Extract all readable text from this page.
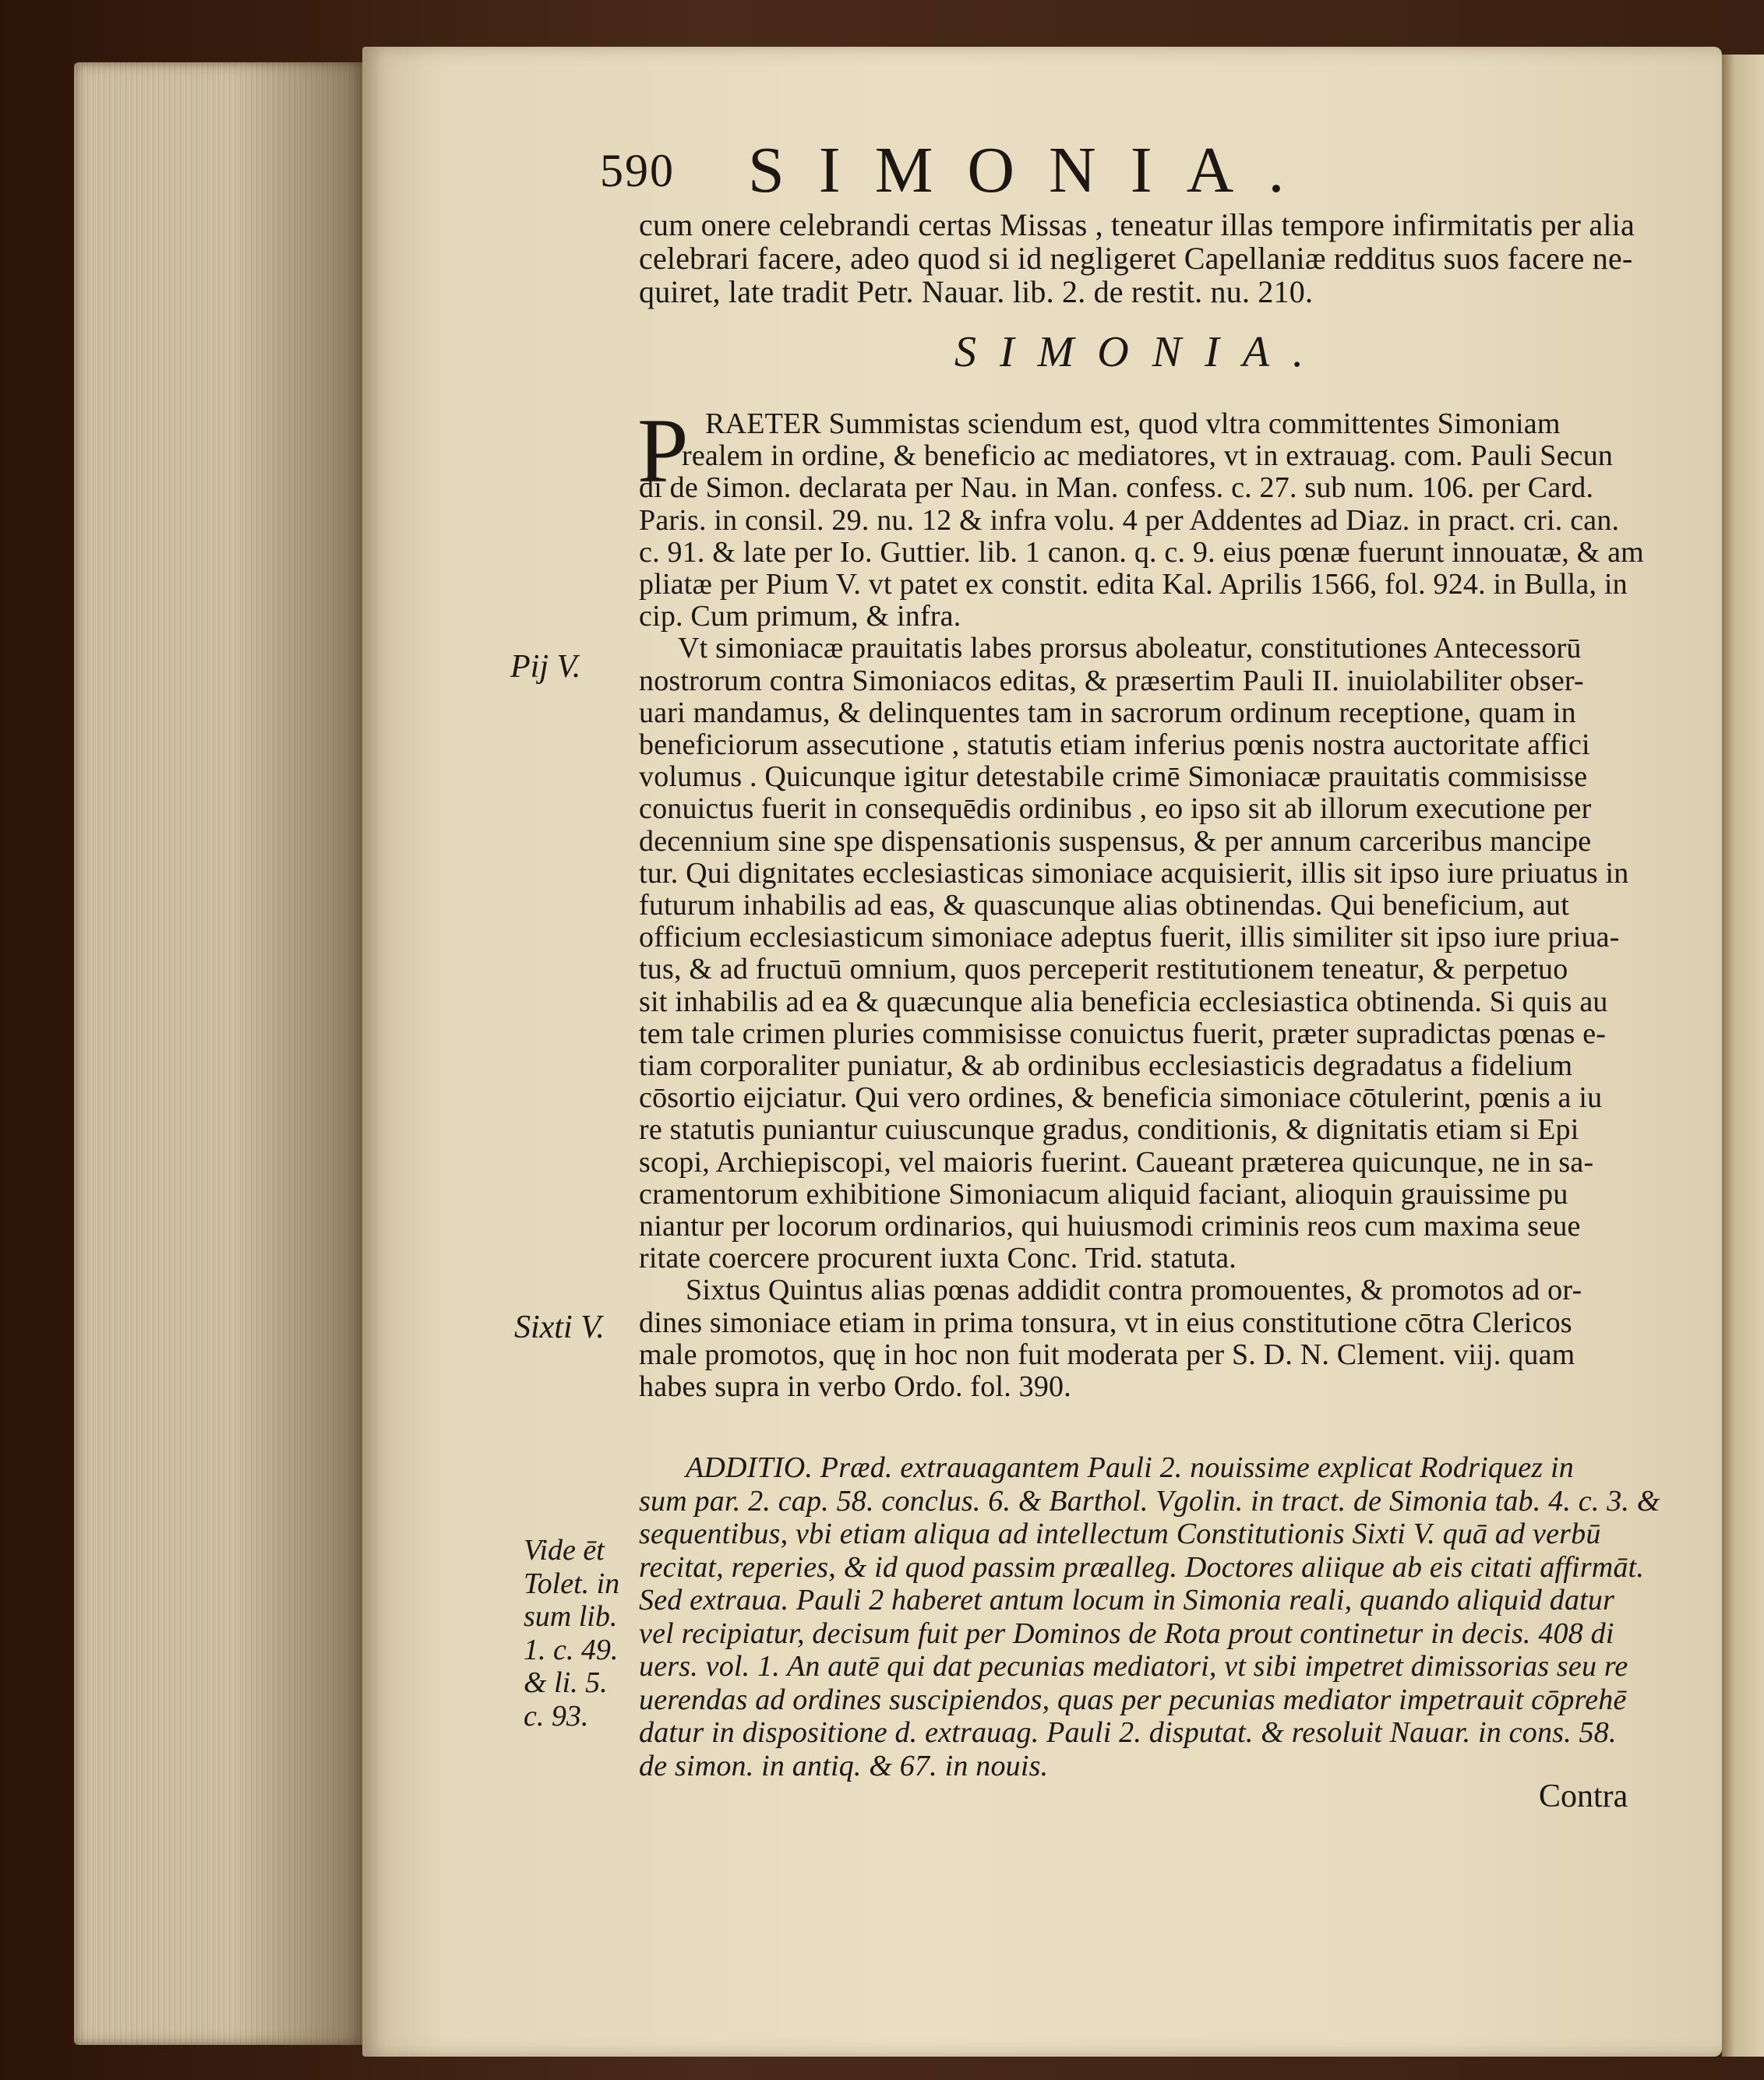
590 SIMONIA.
cum onere celebrandi certas Missas , teneatur illas tempore infirmitatis per alia
celebrari facere, adeo quod si id negligeret Capellaniæ redditus suos facere ne-
quiret, late tradit Petr. Nauar. lib. 2. de restit. nu. 210.
SIMONIA.
P RAETER Summistas sciendum est, quod vltra committentes Simoniam
realem in ordine, & beneficio ac mediatores, vt in extrauag. com. Pauli Secun
di de Simon. declarata per Nau. in Man. confess. c. 27. sub num. 106. per Card.
Paris. in consil. 29. nu. 12 & infra volu. 4 per Addentes ad Diaz. in pract. cri. can.
c. 91. & late per Io. Guttier. lib. 1 canon. q. c. 9. eius pœnæ fuerunt innouatæ, & am
pliatæ per Pium V. vt patet ex constit. edita Kal. Aprilis 1566, fol. 924. in Bulla, in
cip. Cum primum, & infra.
Vt simoniacæ prauitatis labes prorsus aboleatur, constitutiones Antecessorū
nostrorum contra Simoniacos editas, & præsertim Pauli II. inuiolabiliter obser-
uari mandamus, & delinquentes tam in sacrorum ordinum receptione, quam in
beneficiorum assecutione , statutis etiam inferius pœnis nostra auctoritate affici
volumus . Quicunque igitur detestabile crimē Simoniacæ prauitatis commisisse
conuictus fuerit in consequēdis ordinibus , eo ipso sit ab illorum executione per
decennium sine spe dispensationis suspensus, & per annum carceribus mancipe
tur. Qui dignitates ecclesiasticas simoniace acquisierit, illis sit ipso iure priuatus in
futurum inhabilis ad eas, & quascunque alias obtinendas. Qui beneficium, aut
officium ecclesiasticum simoniace adeptus fuerit, illis similiter sit ipso iure priua-
tus, & ad fructuū omnium, quos perceperit restitutionem teneatur, & perpetuo
sit inhabilis ad ea & quæcunque alia beneficia ecclesiastica obtinenda. Si quis au
tem tale crimen pluries commisisse conuictus fuerit, præter supradictas pœnas e-
tiam corporaliter puniatur, & ab ordinibus ecclesiasticis degradatus a fidelium
cōsortio eijciatur. Qui vero ordines, & beneficia simoniace cōtulerint, pœnis a iu
re statutis puniantur cuiuscunque gradus, conditionis, & dignitatis etiam si Epi
scopi, Archiepiscopi, vel maioris fuerint. Caueant præterea quicunque, ne in sa-
cramentorum exhibitione Simoniacum aliquid faciant, alioquin grauissime pu
niantur per locorum ordinarios, qui huiusmodi criminis reos cum maxima seue
ritate coercere procurent iuxta Conc. Trid. statuta.
Sixtus Quintus alias pœnas addidit contra promouentes, & promotos ad or-
dines simoniace etiam in prima tonsura, vt in eius constitutione cōtra Clericos
male promotos, quę in hoc non fuit moderata per S. D. N. Clement. viij. quam
habes supra in verbo Ordo. fol. 390.
ADDITIO. Præd. extrauagantem Pauli 2. nouissime explicat Rodriquez in
sum par. 2. cap. 58. conclus. 6. & Barthol. Vgolin. in tract. de Simonia tab. 4. c. 3. &
sequentibus, vbi etiam aliqua ad intellectum Constitutionis Sixti V. quā ad verbū
recitat, reperies, & id quod passim præalleg. Doctores aliique ab eis citati affirmāt.
Sed extraua. Pauli 2 haberet antum locum in Simonia reali, quando aliquid datur
vel recipiatur, decisum fuit per Dominos de Rota prout continetur in decis. 408 di
uers. vol. 1. An autē qui dat pecunias mediatori, vt sibi impetret dimissorias seu re
uerendas ad ordines suscipiendos, quas per pecunias mediator impetrauit cōprehē
datur in dispositione d. extrauag. Pauli 2. disputat. & resoluit Nauar. in cons. 58.
de simon. in antiq. & 67. in nouis.
Pij V.
Sixti V.
Vide ēt
Tolet. in
sum lib.
1. c. 49.
& li. 5.
c. 93.
Contra
